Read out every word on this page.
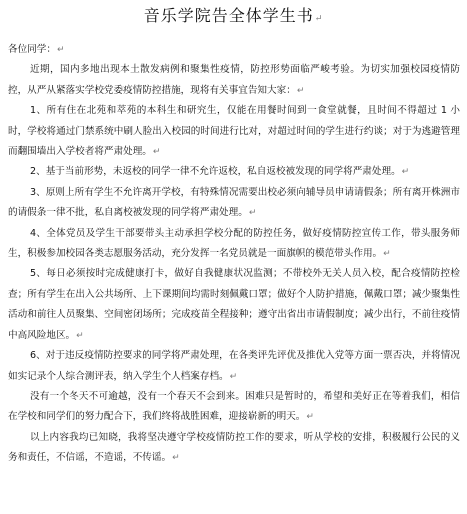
音乐学院告全体学生书↵

各位同学：↵

近期，国内多地出现本土散发病例和聚集性疫情，防控形势面临严峻考验。为切实加强校园疫情防控，从严从紧落实学校党委疫情防控措施，现将有关事宜告知大家：↵

1、所有住在北苑和萃苑的本科生和研究生，仅能在用餐时间到一食堂就餐，且时间不得超过 1 小时，学校将通过门禁系统中刷人脸出入校园的时间进行比对，对超过时间的学生进行约谈；对于为逃避管理而翻围墙出入学校者将严肃处理。↵

2、基于当前形势，未返校的同学一律不允许返校，私自返校被发现的同学将严肃处理。↵

3、原则上所有学生不允许离开学校，有特殊情况需要出校必须向辅导员申请请假条；所有离开株洲市的请假条一律不批，私自离校被发现的同学将严肃处理。↵

4、全体党员及学生干部要带头主动承担学校分配的防控任务，做好疫情防控宣传工作，带头服务师生，积极参加校园各类志愿服务活动，充分发挥一名党员就是一面旗帜的模范带头作用。↵

5、每日必须按时完成健康打卡，做好自我健康状况监测；不带校外无关人员入校，配合疫情防控检查；所有学生在出入公共场所、上下课期间均需时刻佩戴口罩；做好个人防护措施，佩戴口罩；减少聚集性活动和前往人员聚集、空间密闭场所；完成疫苗全程接种；遵守出省出市请假制度；减少出行，不前往疫情中高风险地区。↵

6、对于违反疫情防控要求的同学将严肃处理，在各类评先评优及推优入党等方面一票否决，并将情况如实记录个人综合测评表，纳入学生个人档案存档。↵

没有一个冬天不可逾越，没有一个春天不会到来。困难只是暂时的，希望和美好正在等着我们，相信在学校和同学们的努力配合下，我们终将战胜困难，迎接崭新的明天。↵

以上内容我均已知晓，我将坚决遵守学校疫情防控工作的要求，听从学校的安排，积极履行公民的义务和责任，不信谣，不造谣，不传谣。↵
